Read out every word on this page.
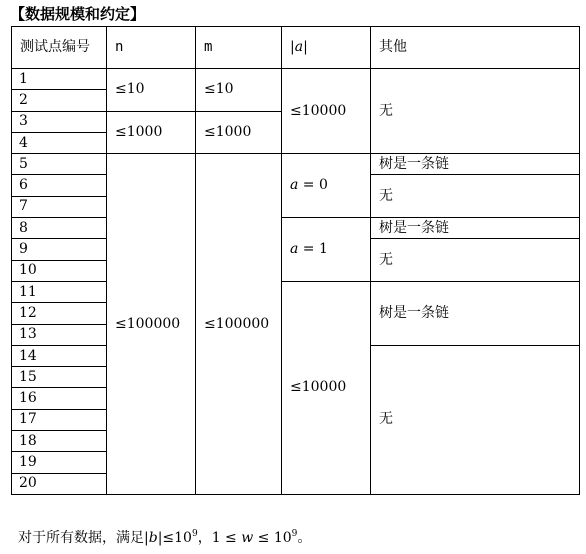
【数据规模和约定】
测试点编号	n	m	|a|	其他
1	≤10	≤10	≤10000	无
2				
3	≤1000	≤1000		
4				
5	≤100000	≤100000	a = 0	树是一条链
6				无
7				
8			a = 1	树是一条链
9				无
10				
11			≤10000	树是一条链
12				
13				
14				无
15				
16				
17				
18				
19				
20				
对于所有数据，满足$|b|\le 10^9$，$1 \le w \le 10^9$。
